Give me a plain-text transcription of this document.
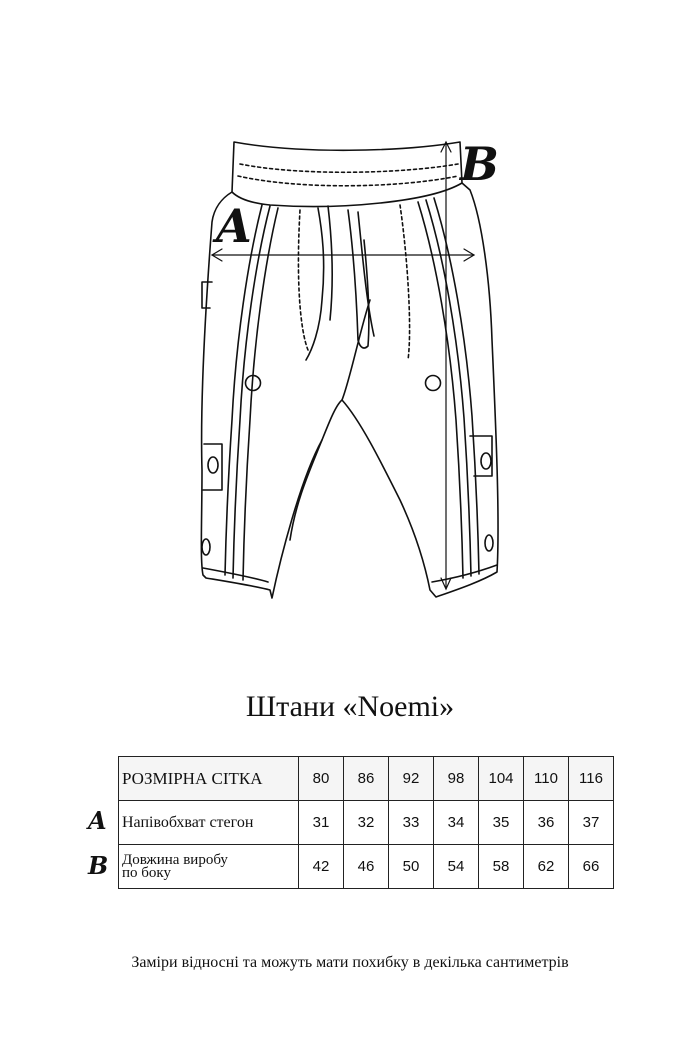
A
B
Штани «Noemi»
A
B
РОЗМІРНА СІТКА	80	86	92	98	104	110	116
Напівобхват стегон	31	32	33	34	35	36	37

Довжина виробу
по боку	42	46	50	54	58	62	66
Заміри відносні та можуть мати похибку в декілька сантиметрів
